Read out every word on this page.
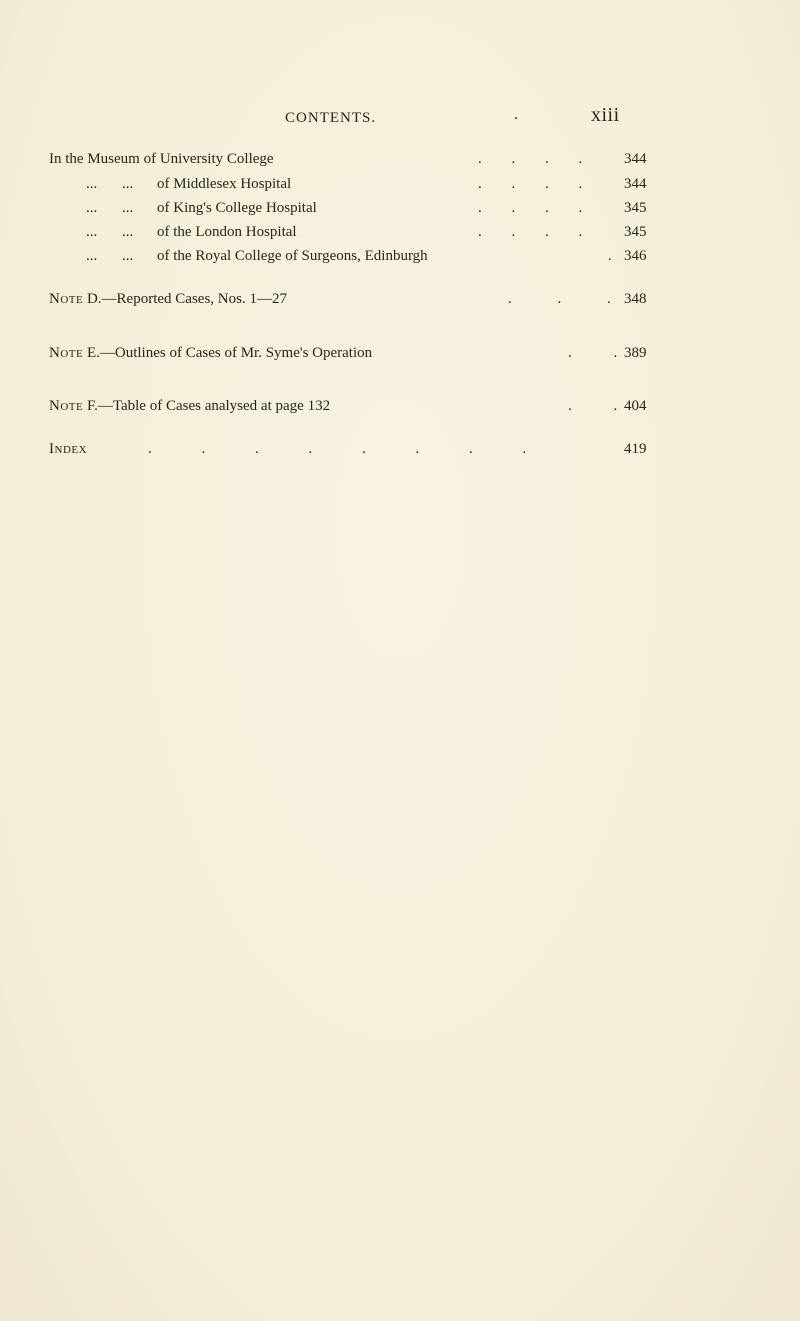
CONTENTS.	.	xiii
In the Museum of University College	. . . .	344
... ... of Middlesex Hospital	. . . .	344
... ... of King's College Hospital	. . . .	345
... ... of the London Hospital	. . . .	345
... ... of the Royal College of Surgeons, Edinburgh	. 346
Note D.—Reported Cases, Nos. 1—27	. . . 348
Note E.—Outlines of Cases of Mr. Syme's Operation	. . 389
Note F.—Table of Cases analysed at page 132	. . 404
Index	. . . . . . . .	419
